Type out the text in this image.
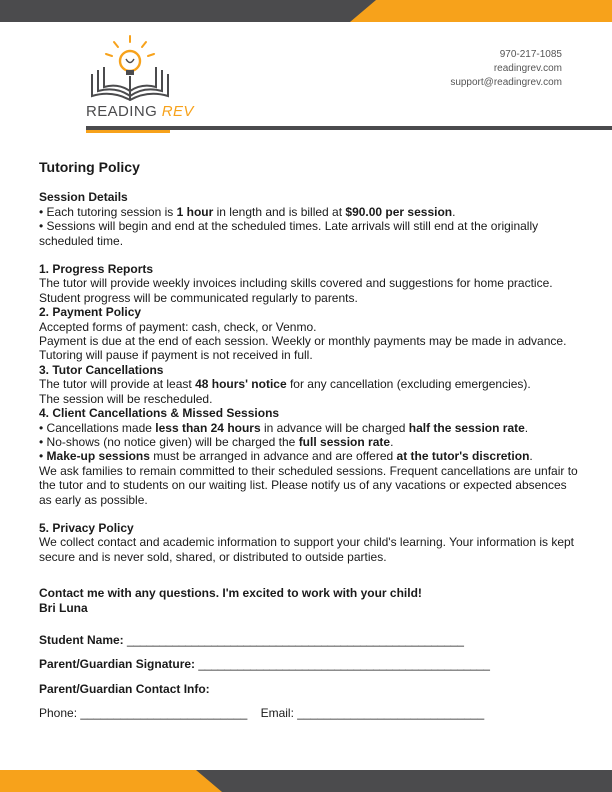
READING REV
970-217-1085
readingrev.com
support@readingrev.com
Tutoring Policy

Session Details

• Each tutoring session is 1 hour in length and is billed at $90.00 per session.

• Sessions will begin and end at the scheduled times. Late arrivals will still end at the originally scheduled time.

1. Progress Reports

The tutor will provide weekly invoices including skills covered and suggestions for home practice. Student progress will be communicated regularly to parents.

2. Payment Policy

Accepted forms of payment: cash, check, or Venmo.

Payment is due at the end of each session. Weekly or monthly payments may be made in advance. Tutoring will pause if payment is not received in full.

3. Tutor Cancellations

The tutor will provide at least 48 hours' notice for any cancellation (excluding emergencies).

The session will be rescheduled.

4. Client Cancellations & Missed Sessions

• Cancellations made less than 24 hours in advance will be charged half the session rate.

• No-shows (no notice given) will be charged the full session rate.

• Make-up sessions must be arranged in advance and are offered at the tutor's discretion.

We ask families to remain committed to their scheduled sessions. Frequent cancellations are unfair to the tutor and to students on our waiting list. Please notify us of any vacations or expected absences as early as possible.

5. Privacy Policy

We collect contact and academic information to support your child's learning. Your information is kept secure and is never sold, shared, or distributed to outside parties.

Contact me with any questions. I'm excited to work with your child!

Bri Luna

Student Name: ____________________________________________________
Parent/Guardian Signature: _____________________________________________
Parent/Guardian Contact Info:
Phone: _________________________ Email: ____________________________
